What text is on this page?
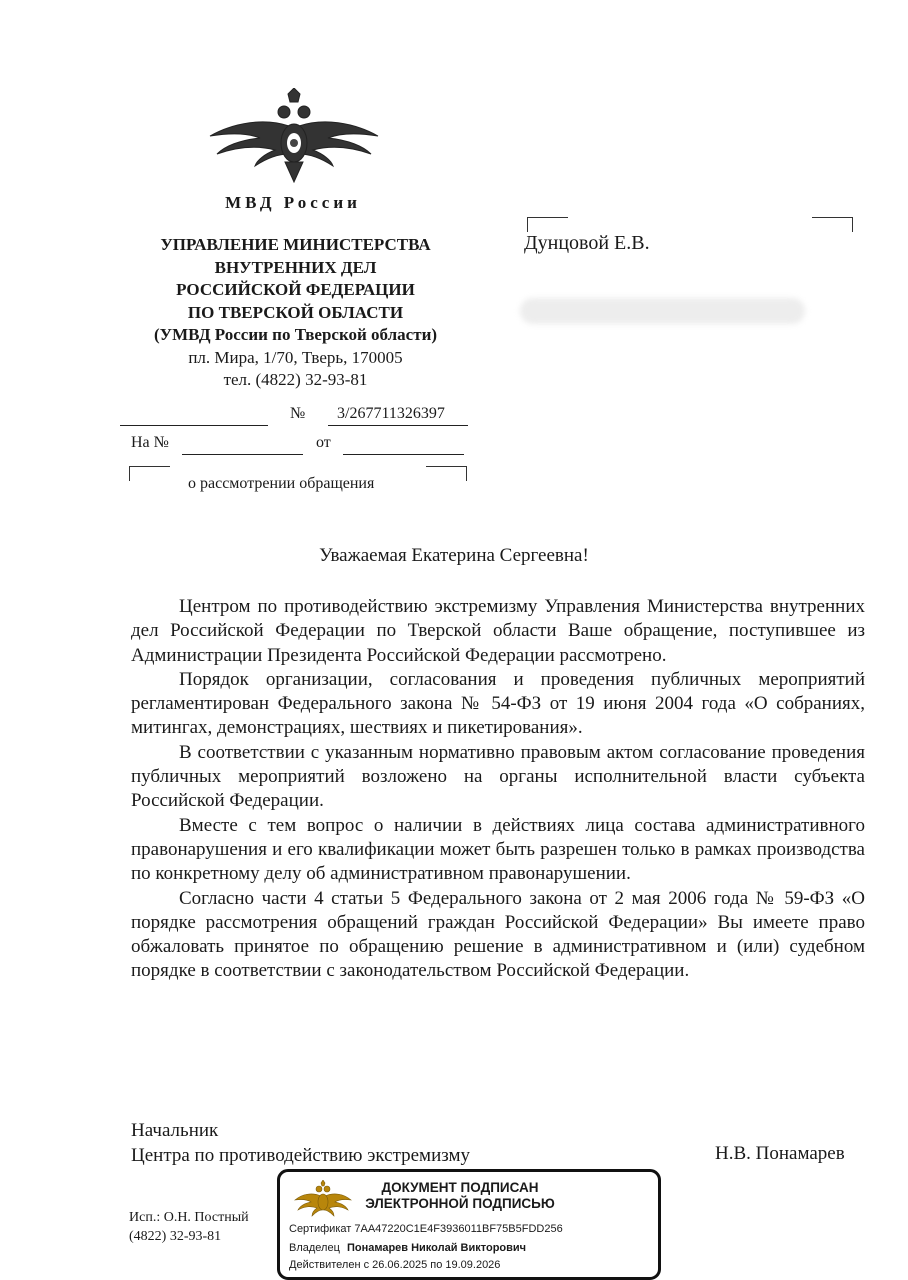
МВД России
УПРАВЛЕНИЕ МИНИСТЕРСТВА
ВНУТРЕННИХ ДЕЛ
РОССИЙСКОЙ ФЕДЕРАЦИИ
ПО ТВЕРСКОЙ ОБЛАСТИ
(УМВД России по Тверской области)
пл. Мира, 1/70, Тверь, 170005
тел. (4822) 32-93-81
Дунцовой Е.В.
№ 3/267711326397
На №	от
о рассмотрении обращения
Уважаемая Екатерина Сергеевна!

Центром по противодействию экстремизму Управления Министерства внутренних дел Российской Федерации по Тверской области Ваше обращение, поступившее из Администрации Президента Российской Федерации рассмотрено.

Порядок организации, согласования и проведения публичных мероприятий регламентирован Федерального закона № 54-ФЗ от 19 июня 2004 года «О собраниях, митингах, демонстрациях, шествиях и пикетирования».

В соответствии с указанным нормативно правовым актом согласование проведения публичных мероприятий возложено на органы исполнительной власти субъекта Российской Федерации.

Вместе с тем вопрос о наличии в действиях лица состава административного правонарушения и его квалификации может быть разрешен только в рамках производства по конкретному делу об административном правонарушении.

Согласно части 4 статьи 5 Федерального закона от 2 мая 2006 года № 59-ФЗ «О порядке рассмотрения обращений граждан Российской Федерации» Вы имеете право обжаловать принятое по обращению решение в административном и (или) судебном порядке в соответствии с законодательством Российской Федерации.

Начальник
Центра по противодействию экстремизму	Н.В. Понамарев
Исп.: О.Н. Постный
(4822) 32-93-81
ДОКУМЕНТ ПОДПИСАН
ЭЛЕКТРОННОЙ ПОДПИСЬЮ
Сертификат 7AA47220C1E4F3936011BF75B5FDD256
Владелец Понамарев Николай Викторович
Действителен с 26.06.2025 по 19.09.2026
